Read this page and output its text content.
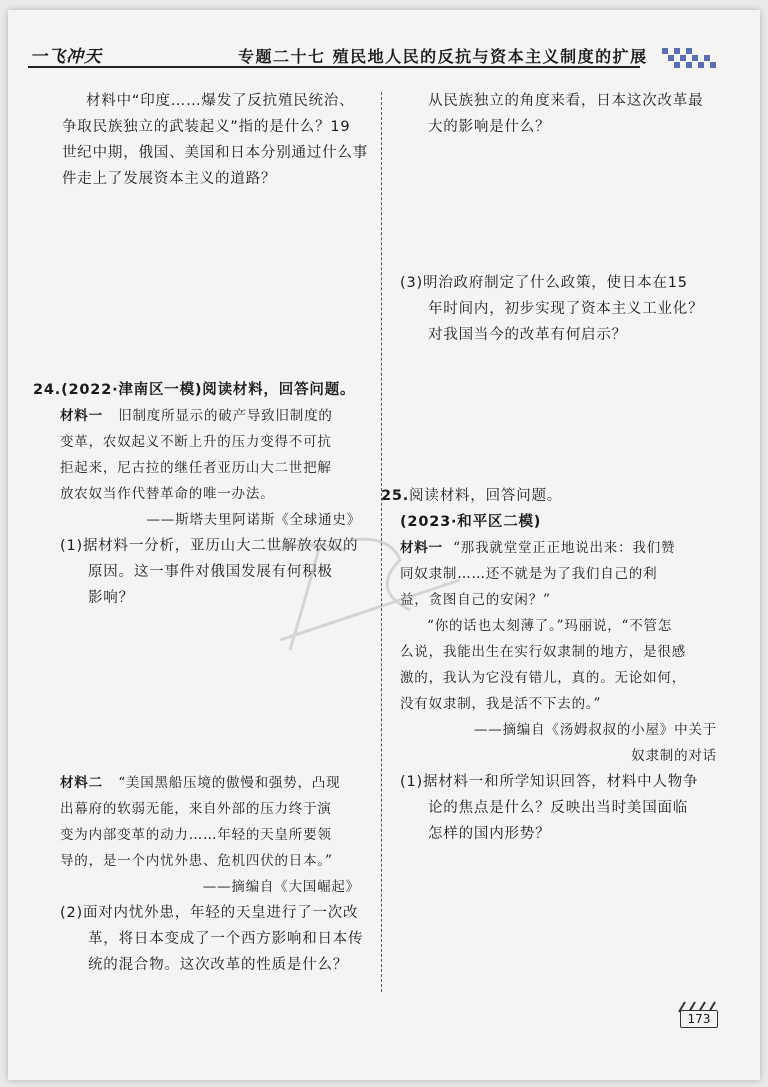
一飞冲天	专题二十七 殖民地人民的反抗与资本主义制度的扩展

材料中“印度……爆发了反抗殖民统治、

争取民族独立的武装起义”指的是什么？19

世纪中期，俄国、美国和日本分别通过什么事

件走上了发展资本主义的道路？

24.(2022·津南区一模)阅读材料，回答问题。

材料一 旧制度所显示的破产导致旧制度的

变革，农奴起义不断上升的压力变得不可抗

拒起来，尼古拉的继任者亚历山大二世把解

放农奴当作代替革命的唯一办法。

——斯塔夫里阿诺斯《全球通史》

(1)据材料一分析，亚历山大二世解放农奴的

原因。这一事件对俄国发展有何积极

影响？

材料二 “美国黑船压境的傲慢和强势，凸现

出幕府的软弱无能，来自外部的压力终于演

变为内部变革的动力……年轻的天皇所要领

导的，是一个内忧外患、危机四伏的日本。”

——摘编自《大国崛起》

(2)面对内忧外患，年轻的天皇进行了一次改

革，将日本变成了一个西方影响和日本传

统的混合物。这次改革的性质是什么？

从民族独立的角度来看，日本这次改革最

大的影响是什么？

(3)明治政府制定了什么政策，使日本在15

年时间内，初步实现了资本主义工业化？

对我国当今的改革有何启示？

25.阅读材料，回答问题。

(2023·和平区二模)

材料一 “那我就堂堂正正地说出来：我们赞

同奴隶制……还不就是为了我们自己的利

益，贪图自己的安闲？”

“你的话也太刻薄了。”玛丽说，“不管怎

么说，我能出生在实行奴隶制的地方，是很感

激的，我认为它没有错儿，真的。无论如何，

没有奴隶制，我是活不下去的。”

——摘编自《汤姆叔叔的小屋》中关于

奴隶制的对话

(1)据材料一和所学知识回答，材料中人物争

论的焦点是什么？反映出当时美国面临

怎样的国内形势？

173
